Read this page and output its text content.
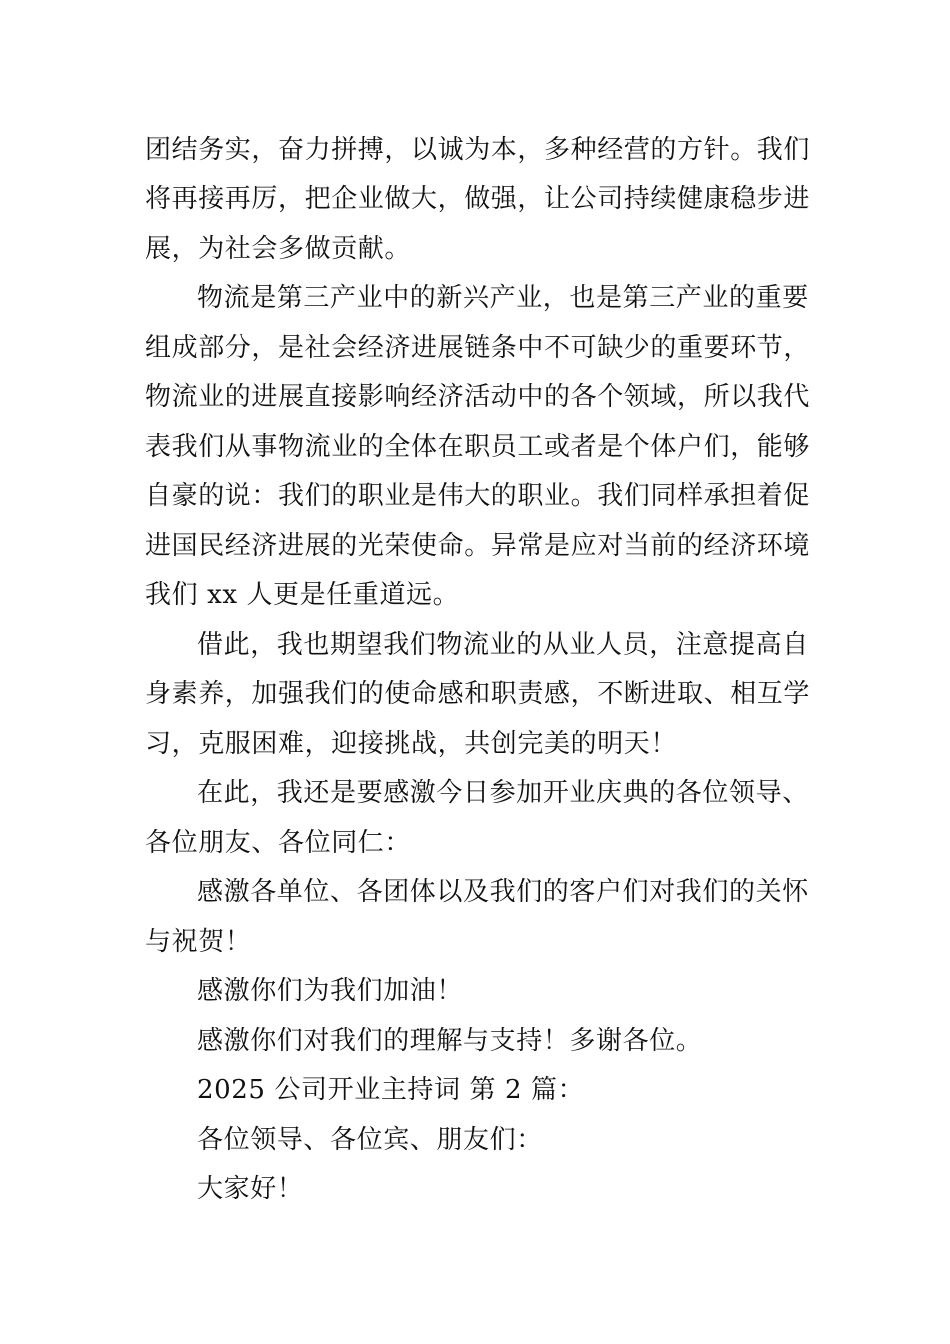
团结务实，奋力拼搏，以诚为本，多种经营的方针。我们

将再接再厉，把企业做大，做强，让公司持续健康稳步进

展，为社会多做贡献。

物流是第三产业中的新兴产业，也是第三产业的重要

组成部分，是社会经济进展链条中不可缺少的重要环节，

物流业的进展直接影响经济活动中的各个领域，所以我代

表我们从事物流业的全体在职员工或者是个体户们，能够

自豪的说：我们的职业是伟大的职业。我们同样承担着促

进国民经济进展的光荣使命。异常是应对当前的经济环境

我们 xx 人更是任重道远。

借此，我也期望我们物流业的从业人员，注意提高自

身素养，加强我们的使命感和职责感，不断进取、相互学

习，克服困难，迎接挑战，共创完美的明天！

在此，我还是要感激今日参加开业庆典的各位领导、

各位朋友、各位同仁：

感激各单位、各团体以及我们的客户们对我们的关怀

与祝贺！

感激你们为我们加油！

感激你们对我们的理解与支持！多谢各位。

2025 公司开业主持词 第 2 篇：

各位领导、各位宾、朋友们：

大家好！
